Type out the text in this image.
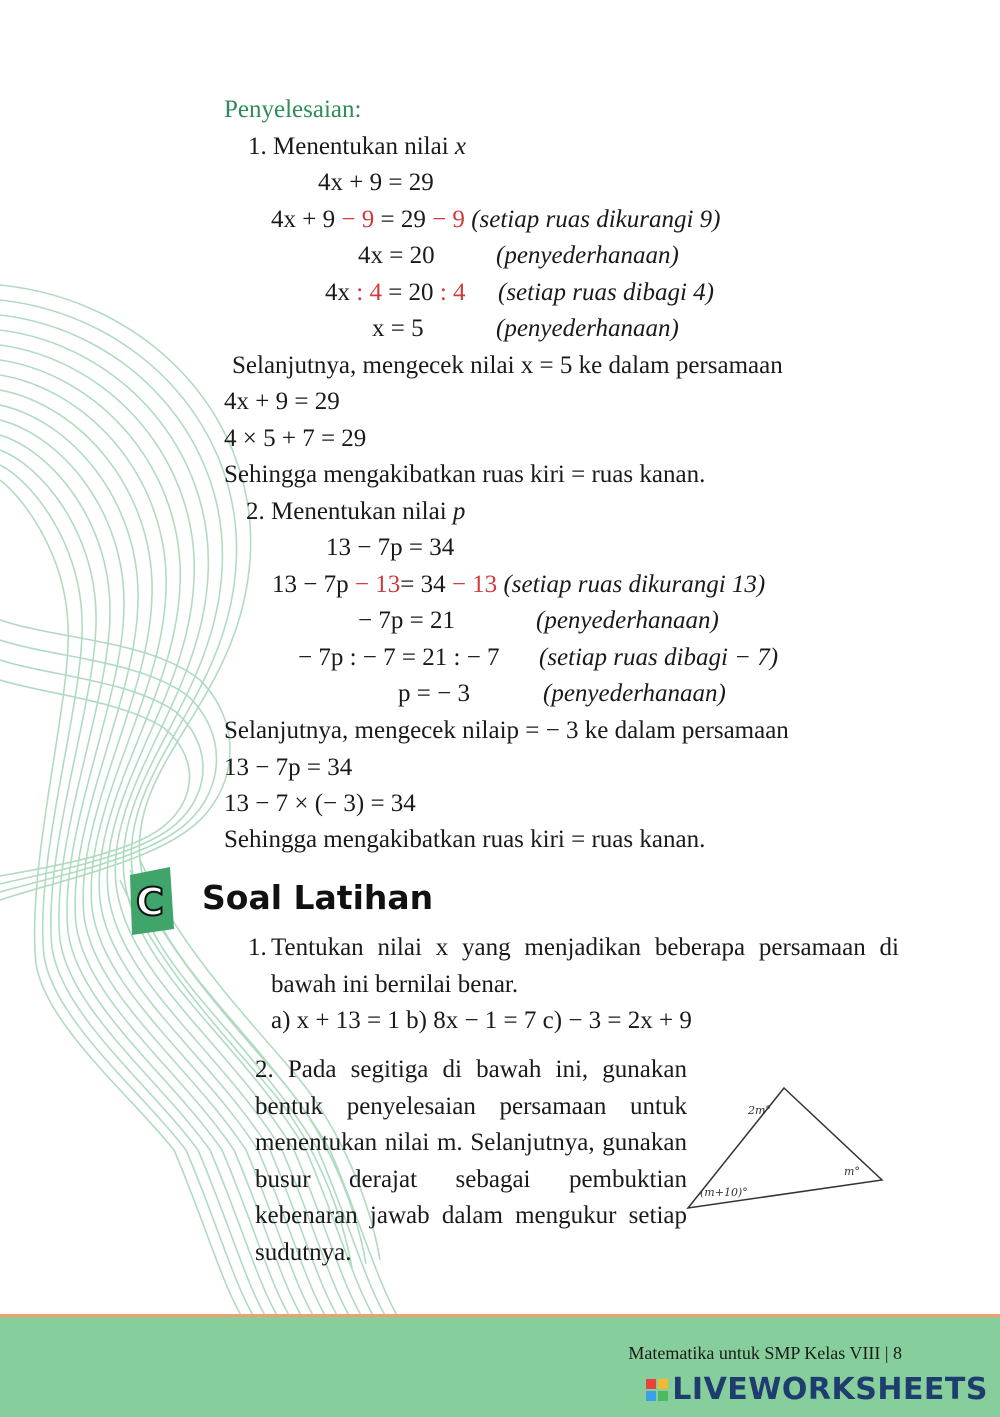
Penyelesaian:
1. Menentukan nilai x
4x + 9 = 29
4x + 9 − 9 = 29 − 9 (setiap ruas dikurangi 9)
4x = 20 (penyederhanaan)
4x : 4 = 20 : 4 (setiap ruas dibagi 4)
x = 5	(penyederhanaan)
Selanjutnya, mengecek nilai x = 5 ke dalam persamaan
4x + 9 = 29
4 × 5 + 7 = 29
Sehingga mengakibatkan ruas kiri = ruas kanan.
2. Menentukan nilai p
13 − 7p = 34
13 − 7p − 13= 34 − 13 (setiap ruas dikurangi 13)
− 7p = 21	(penyederhanaan)
− 7p : − 7 = 21 : − 7 (setiap ruas dibagi − 7)
p = − 3	(penyederhanaan)
Selanjutnya, mengecek nilaip = − 3 ke dalam persamaan
13 − 7p = 34
13 − 7 × (− 3) = 34
Sehingga mengakibatkan ruas kiri = ruas kanan.
C Soal Latihan
1. Tentukan nilai x yang menjadikan beberapa persamaan di bawah ini bernilai benar.
a) x + 13 = 1 b) 8x − 1 = 7 c) − 3 = 2x + 9
2. Pada segitiga di bawah ini, gunakan bentuk penyelesaian persamaan untuk menentukan nilai m. Selanjutnya, gunakan busur derajat sebagai pembuktian kebenaran jawab dalam mengukur setiap sudutnya.
2m°
m°
(m+10)°
Matematika untuk SMP Kelas VIII | 8
LIVEWORKSHEETS
